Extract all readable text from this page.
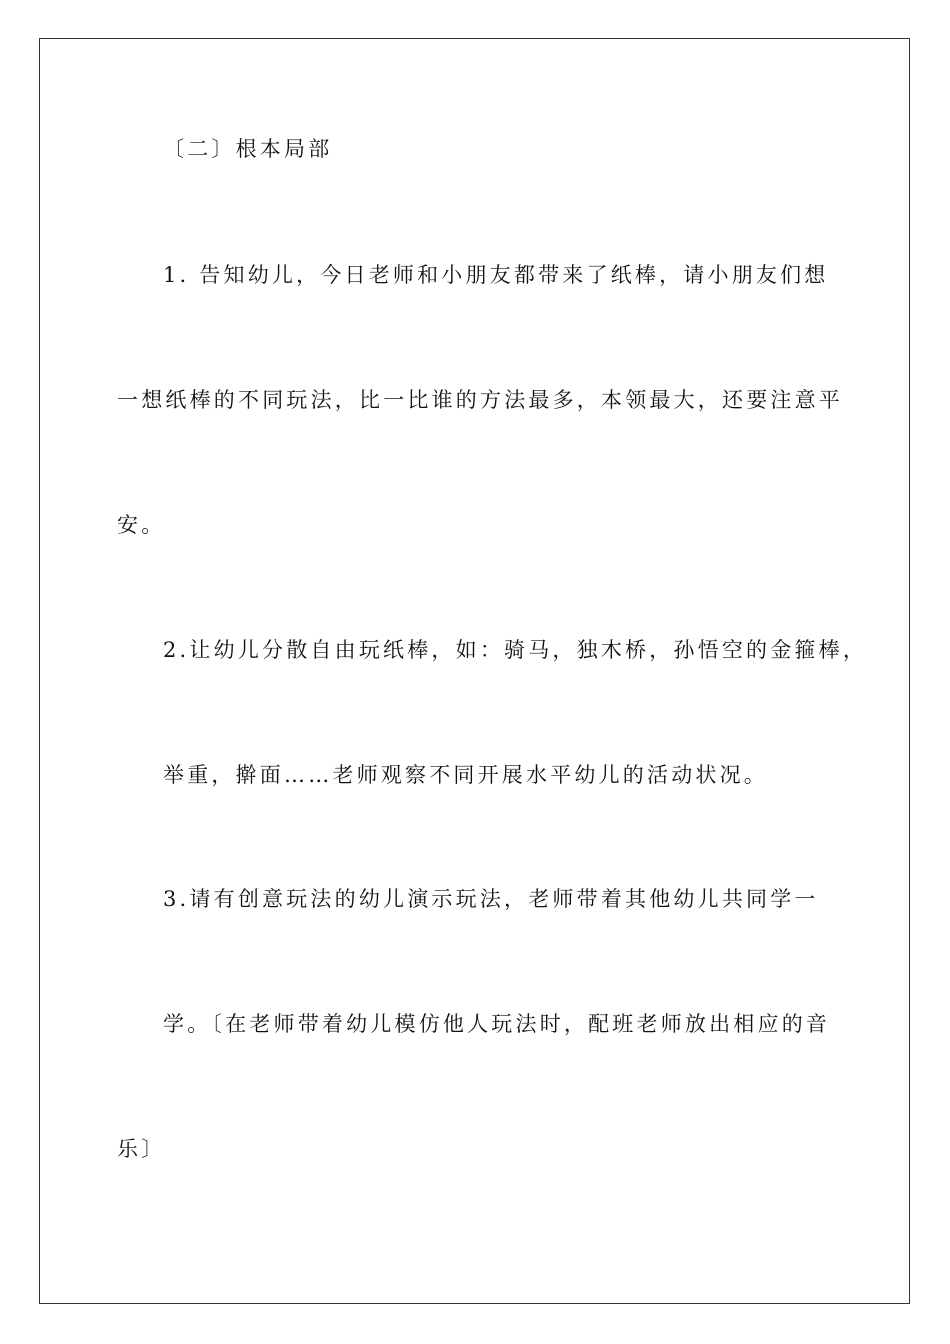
〔二〕根本局部
1. 告知幼儿，今日老师和小朋友都带来了纸棒，请小朋友们想
一想纸棒的不同玩法，比一比谁的方法最多，本领最大，还要注意平
安。
2.让幼儿分散自由玩纸棒，如：骑马，独木桥，孙悟空的金箍棒，
举重，擀面……老师观察不同开展水平幼儿的活动状况。
3.请有创意玩法的幼儿演示玩法，老师带着其他幼儿共同学一
学。〔在老师带着幼儿模仿他人玩法时，配班老师放出相应的音
乐〕
